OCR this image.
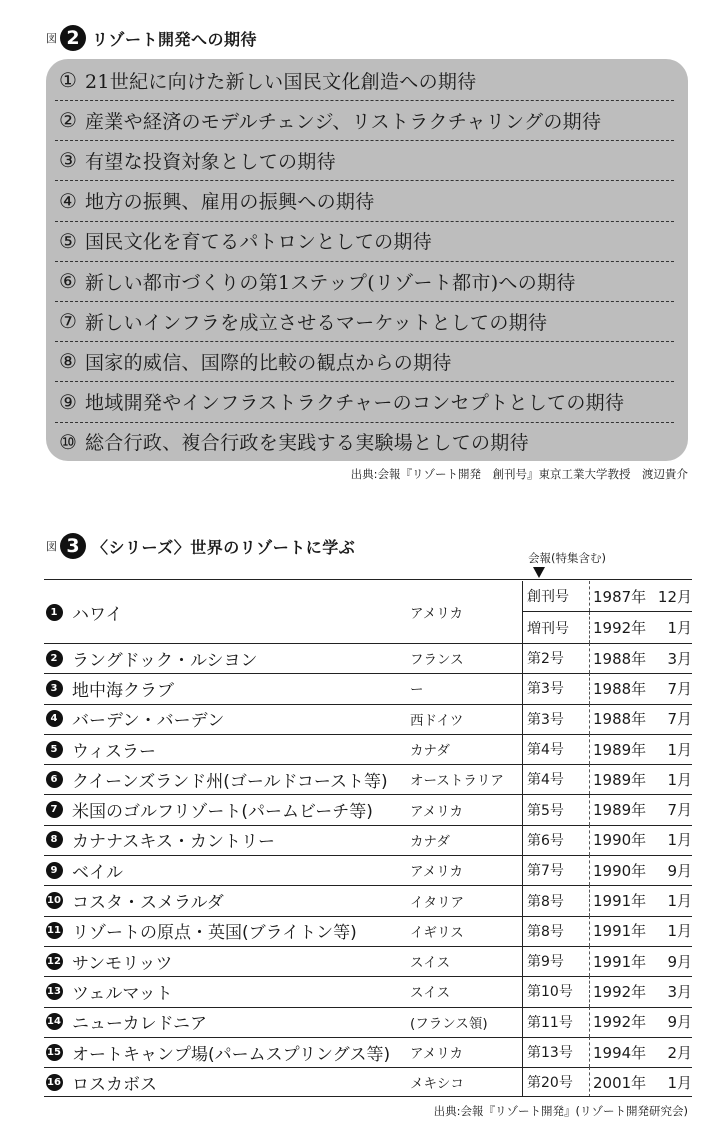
図 2 リゾート開発への期待
① 21世紀に向けた新しい国民文化創造への期待
② 産業や経済のモデルチェンジ、リストラクチャリングの期待
③ 有望な投資対象としての期待
④ 地方の振興、雇用の振興への期待
⑤ 国民文化を育てるパトロンとしての期待
⑥ 新しい都市づくりの第1ステップ(リゾート都市)への期待
⑦ 新しいインフラを成立させるマーケットとしての期待
⑧ 国家的威信、国際的比較の観点からの期待
⑨ 地域開発やインフラストラクチャーのコンセプトとしての期待
⑩ 総合行政、複合行政を実践する実験場としての期待
出典:会報『リゾート開発　創刊号』東京工業大学教授　渡辺貴介
図 3 〈シリーズ〉世界のリゾートに学ぶ
会報(特集含む)
1 ハワイ	アメリカ
創刊号	1987年 12月
増刊号	1992年	1月
2 ラングドック・ルシヨン	フランス	第2号	1988年	3月
3 地中海クラブ	ー	第3号	1988年	7月
4 バーデン・バーデン	西ドイツ	第3号	1988年	7月
5 ウィスラー	カナダ	第4号	1989年	1月
6 クイーンズランド州(ゴールドコースト等) オーストラリア	第4号	1989年	1月
7 米国のゴルフリゾート(パームビーチ等)	アメリカ	第5号	1989年	7月
8 カナナスキス・カントリー	カナダ	第6号	1990年	1月
9 ベイル	アメリカ	第7号	1990年	9月
10 コスタ・スメラルダ	イタリア	第8号	1991年	1月
11 リゾートの原点・英国(ブライトン等)	イギリス	第8号	1991年	1月
12 サンモリッツ	スイス	第9号	1991年	9月
13 ツェルマット	スイス	第10号	1992年	3月
14 ニューカレドニア	(フランス領)	第11号	1992年	9月
15 オートキャンプ場(パームスプリングス等) アメリカ	第13号	1994年	2月
16 ロスカボス	メキシコ	第20号	2001年	1月
出典:会報『リゾート開発』(リゾート開発研究会)
